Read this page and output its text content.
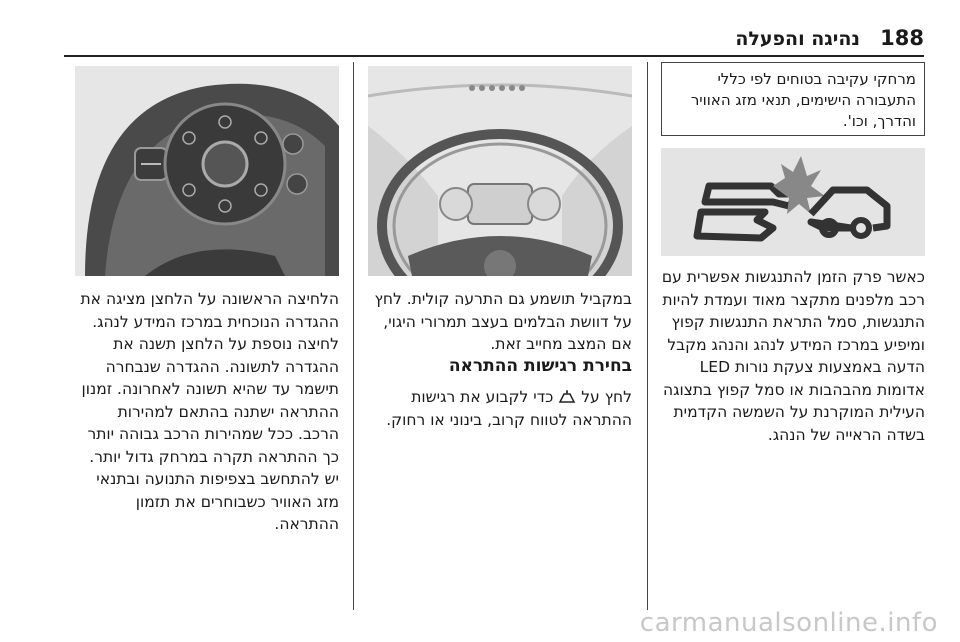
188
נהיגה והפעלה
מרחקי עקיבה בטוחים לפי כללי התעבורה הישימים, תנאי מזג האוויר והדרך, וכו'.
כאשר פרק הזמן להתנגשות אפשרית עם רכב מלפנים מתקצר מאוד ועמדת להיות התנגשות, סמל התראת התנגשות קפוץ ומיפיע במרכז המידע לנהג והנהג מקבל הדעה באמצעות צעקת נורות LED אדומות מהבהבות או סמל קפוץ בתצוגה העילית המוקרנת על השמשה הקדמית בשדה הראייה של הנהג.
במקביל תושמע גם התרעה קולית. לחץ על דוושת הבלמים בעצב תמרורי היגוי, אם המצב מחייב זאת.
בחירת רגישות ההתראה
לחץ על  כדי לקבוע את רגישות ההתראה לטווח קרוב, בינוני או רחוק.
הלחיצה הראשונה על הלחצן מציגה את ההגדרה הנוכחית במרכז המידע לנהג. לחיצה נוספת על הלחצן תשנה את ההגדרה לתשונה. ההגדרה שנבחרה תישמר עד שהיא תשונה לאחרונה. זמנון ההתראה ישתנה בהתאם למהירות הרכב. ככל שמהירות הרכב גבוהה יותר כך ההתראה תקרה במרחק גדול יותר. יש להתחשב בצפיפות התנועה ובתנאי מזג האוויר כשבוחרים את תזמון ההתראה.
carmanualsonline.info
